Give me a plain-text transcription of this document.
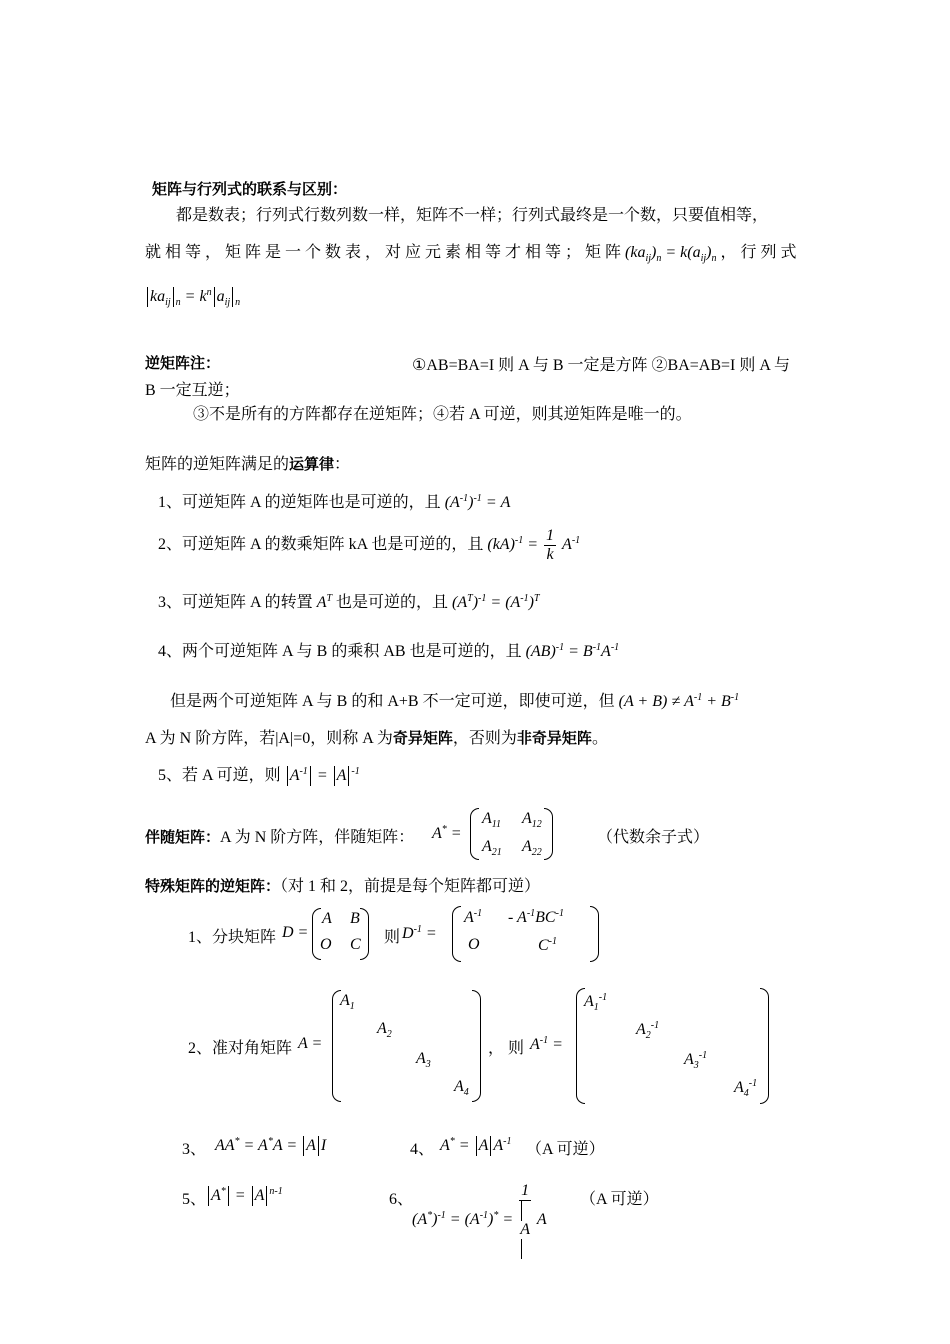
矩阵与行列式的联系与区别：
都是数表；行列式行数列数一样，矩阵不一样；行列式最终是一个数，只要值相等，
就 相 等 ， 矩 阵 是 一 个 数 表 ， 对 应 元 素 相 等 才 相 等 ； 矩 阵 $(ka_{ij})_n = k(a_{ij})_n$ ， 行 列 式
$ka_{ij}$ $_n = k^n$ $a_{ij}$ $_n$
逆矩阵注：	①AB=BA=I 则 A 与 B 一定是方阵 ②BA=AB=I 则 A 与
B 一定互逆；
③不是所有的方阵都存在逆矩阵；④若 A 可逆，则其逆矩阵是唯一的。
矩阵的逆矩阵满足的运算律：
1、可逆矩阵 A 的逆矩阵也是可逆的，且 $(A^{-1})^{-1} = A$
2、可逆矩阵 A 的数乘矩阵 kA 也是可逆的，且 $(kA)^{-1} = \frac{1}{k} A^{-1}$
3、可逆矩阵 A 的转置 $A^T$ 也是可逆的，且 $(A^T)^{-1} = (A^{-1})^T$
4、两个可逆矩阵 A 与 B 的乘积 AB 也是可逆的，且 $(AB)^{-1} = B^{-1}A^{-1}$
但是两个可逆矩阵 A 与 B 的和 A+B 不一定可逆，即使可逆，但 $(A + B) \ne A^{-1} + B^{-1}$
A 为 N 阶方阵，若|A|=0，则称 A 为奇异矩阵，否则为非奇异矩阵。
5、若 A 可逆，则 $A^{-1} = A$ $^{-1}$
伴随矩阵：A 为 N 阶方阵，伴随矩阵： A* =
$A_{11}$ $A_{12}$
$A_{21}$ $A_{22}$
（代数余子式）
特殊矩阵的逆矩阵：（对 1 和 2，前提是每个矩阵都可逆）
1、分块矩阵 D =
A B
O C 则 $D^{-1}$ =
$A^{-1} - A^{-1}BC^{-1}$
O	$C^{-1}$
2、准对角矩阵 A =
$A_1$
$A_2$
$A_3$
$A_4$
， 则 $A^{-1}$ =
$A_1^{-1}$
$A_2^{-1}$
$A_3^{-1}$
$A_4^{-1}$
3、 AA* = A*A = A I	4、 A* = A $A^{-1}$ （A 可逆）
5、 A* = A $^{n-1}$	6、
$(A^*)^{-1} = (A^{-1})^* = \frac{1}{A}$ A
（A 可逆）
